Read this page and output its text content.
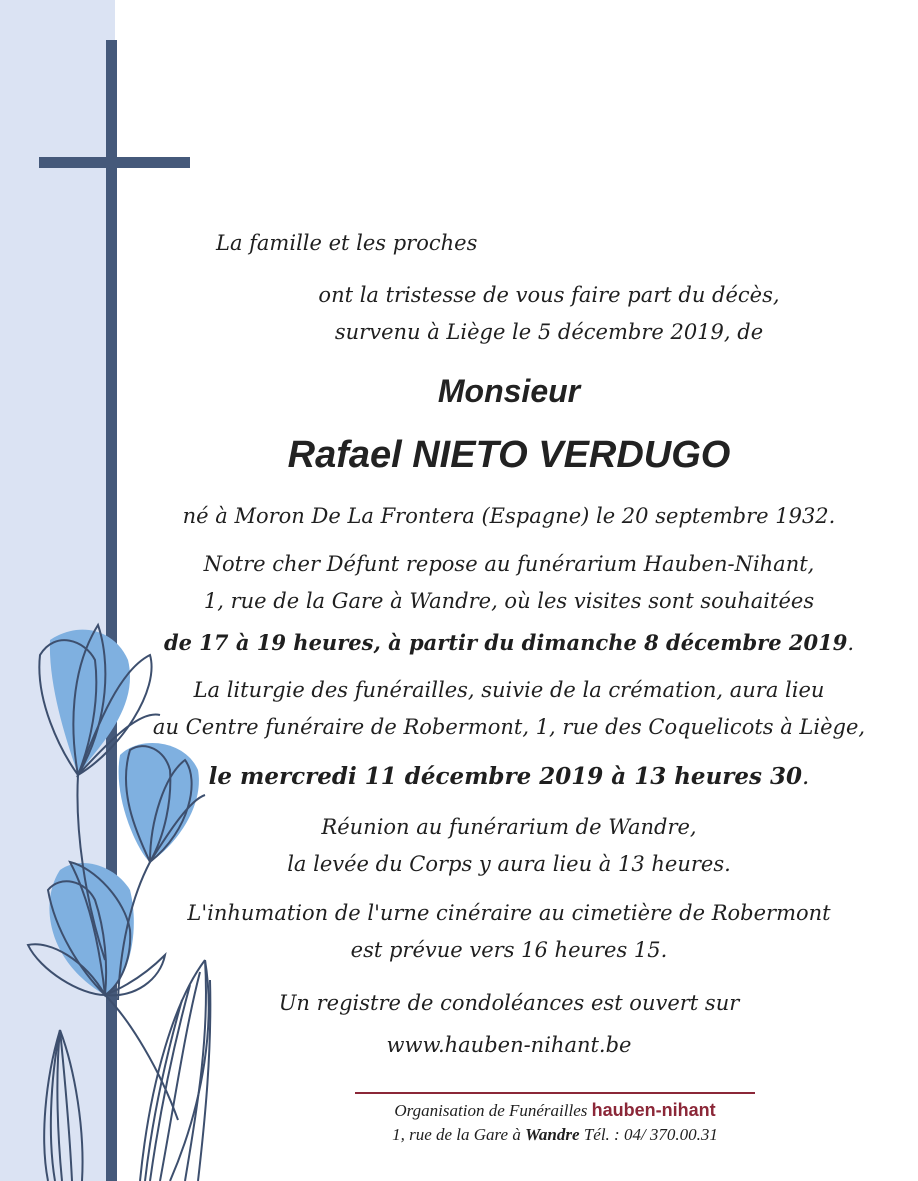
La famille et les proches
ont la tristesse de vous faire part du décès,
survenu à Liège le 5 décembre 2019, de
Monsieur
Rafael NIETO VERDUGO
né à Moron De La Frontera (Espagne) le 20 septembre 1932.
Notre cher Défunt repose au funérarium Hauben-Nihant,
1, rue de la Gare à Wandre, où les visites sont souhaitées
de 17 à 19 heures, à partir du dimanche 8 décembre 2019.
La liturgie des funérailles, suivie de la crémation, aura lieu
au Centre funéraire de Robermont, 1, rue des Coquelicots à Liège,
le mercredi 11 décembre 2019 à 13 heures 30.
Réunion au funérarium de Wandre,
la levée du Corps y aura lieu à 13 heures.
L'inhumation de l'urne cinéraire au cimetière de Robermont
est prévue vers 16 heures 15.
Un registre de condoléances est ouvert sur
www.hauben-nihant.be
Organisation de Funérailles hauben-nihant
1, rue de la Gare à Wandre Tél. : 04/ 370.00.31
